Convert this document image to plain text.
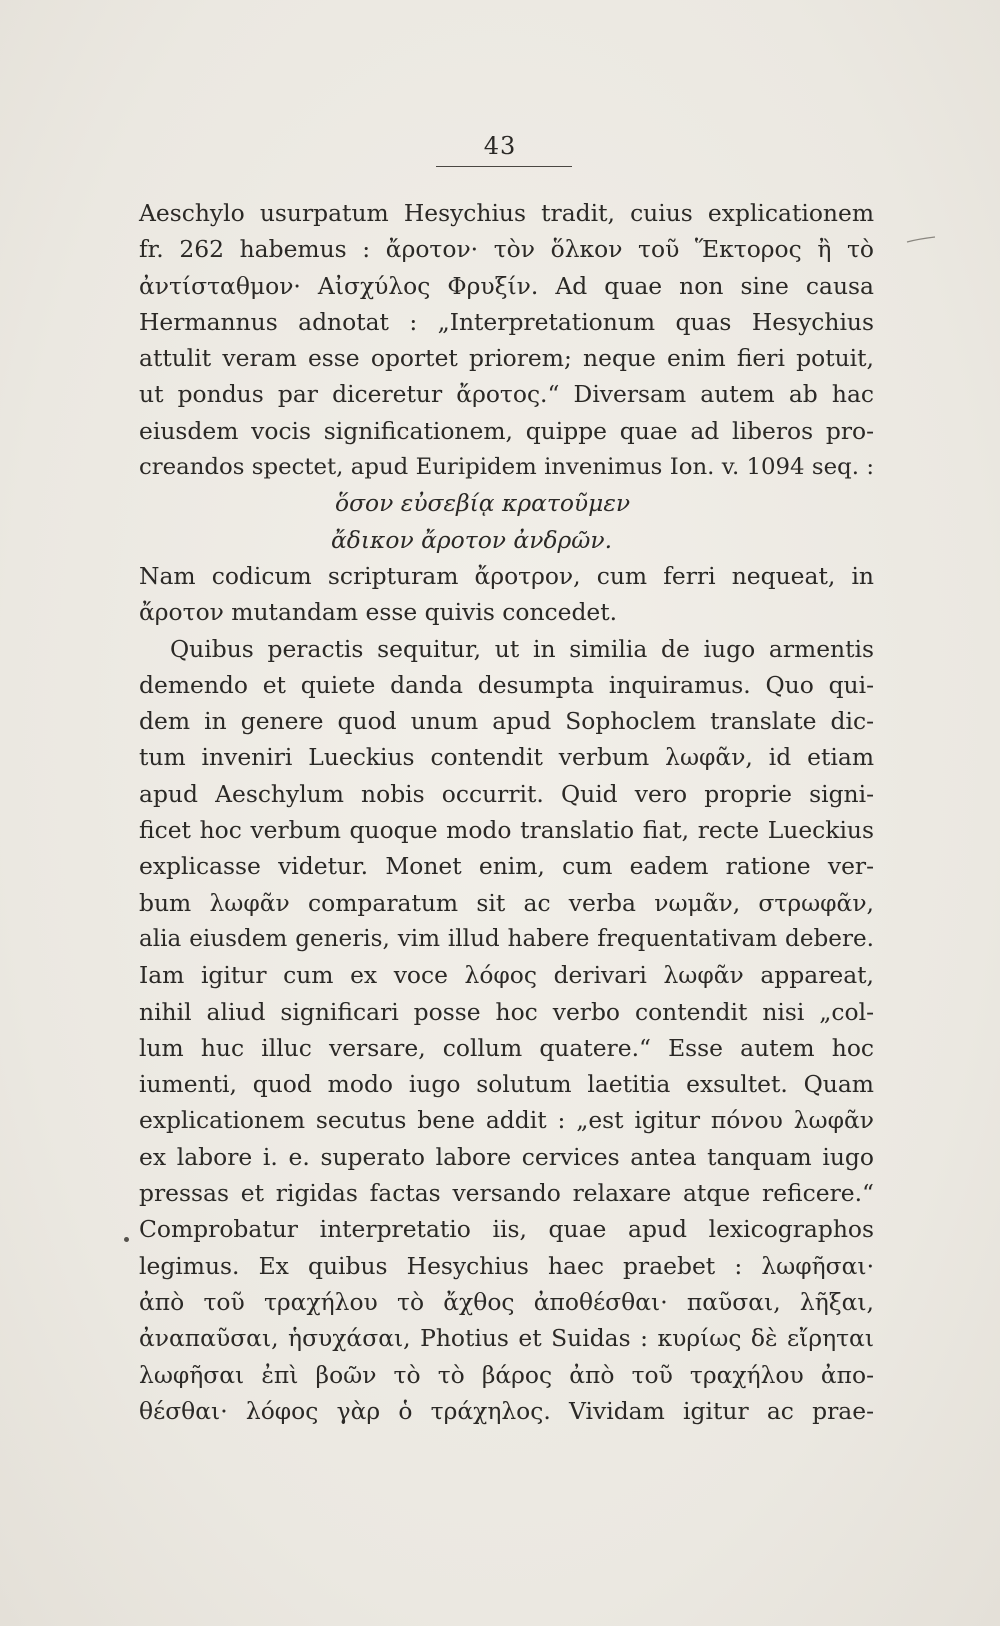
43
Aeschylo usurpatum Hesychius tradit, cuius explicationem
fr. 262 habemus : ἄροτον· τὸν ὅλκον τοῦ Ἕκτορος ἢ τὸ
ἀντίσταθμον· Αἰσχύλος Φρυξίν. Ad quae non sine causa
Hermannus adnotat : „Interpretationum quas Hesychius
attulit veram esse oportet priorem; neque enim fieri potuit,
ut pondus par diceretur ἄροτος.“ Diversam autem ab hac
eiusdem vocis significationem, quippe quae ad liberos pro-
creandos spectet, apud Euripidem invenimus Ion. v. 1094 seq. :
ὅσον εὐσεβίᾳ κρατοῦμεν
ἄδικον ἄροτον ἀνδρῶν.
Nam codicum scripturam ἄροτρον, cum ferri nequeat, in
ἄροτον mutandam esse quivis concedet.
Quibus peractis sequitur, ut in similia de iugo armentis
demendo et quiete danda desumpta inquiramus. Quo qui-
dem in genere quod unum apud Sophoclem translate dic-
tum inveniri Lueckius contendit verbum λωφᾶν, id etiam
apud Aeschylum nobis occurrit. Quid vero proprie signi-
ficet hoc verbum quoque modo translatio fiat, recte Lueckius
explicasse videtur. Monet enim, cum eadem ratione ver-
bum λωφᾶν comparatum sit ac verba νωμᾶν, στρωφᾶν,
alia eiusdem generis, vim illud habere frequentativam debere.
Iam igitur cum ex voce λόφος derivari λωφᾶν appareat,
nihil aliud significari posse hoc verbo contendit nisi „col-
lum huc illuc versare, collum quatere.“ Esse autem hoc
iumenti, quod modo iugo solutum laetitia exsultet. Quam
explicationem secutus bene addit : „est igitur πόνου λωφᾶν
ex labore i. e. superato labore cervices antea tanquam iugo
pressas et rigidas factas versando relaxare atque reficere.“
Comprobatur interpretatio iis, quae apud lexicographos
legimus. Ex quibus Hesychius haec praebet : λωφῆσαι·
ἀπὸ τοῦ τραχήλου τὸ ἄχθος ἀποθέσθαι· παῦσαι, λῆξαι,
ἀναπαῦσαι, ἡσυχάσαι, Photius et Suidas : κυρίως δὲ εἴρηται
λωφῆσαι ἐπὶ βοῶν τὸ τὸ βάρος ἀπὸ τοῦ τραχήλου ἀπο-
θέσθαι· λόφος γὰρ ὁ τράχηλος. Vividam igitur ac prae-
